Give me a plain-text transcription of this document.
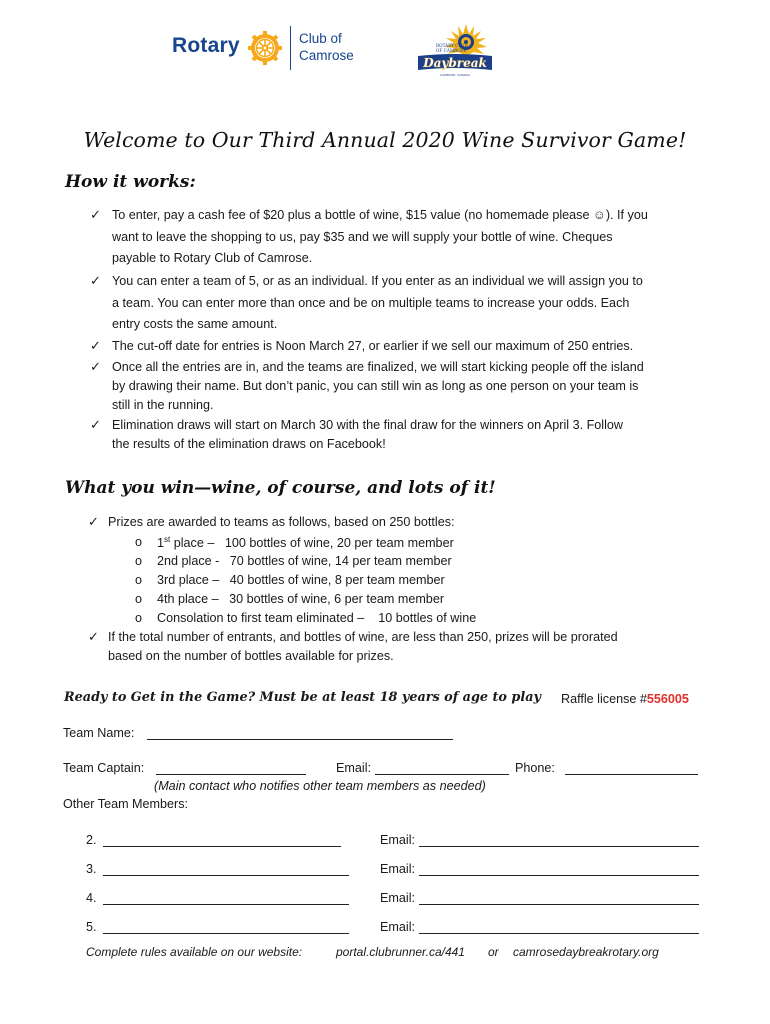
Rotary	Club of
Camrose
ROTARY CLUB
OF CAMROSE
Daybreak
CAMROSE, CANADA
Welcome to Our Third Annual 2020 Wine Survivor Game!
How it works:
✓ To enter, pay a cash fee of $20 plus a bottle of wine, $15 value (no homemade please ☺). If you
want to leave the shopping to us, pay $35 and we will supply your bottle of wine. Cheques
payable to Rotary Club of Camrose.
✓ You can enter a team of 5, or as an individual. If you enter as an individual we will assign you to
a team. You can enter more than once and be on multiple teams to increase your odds. Each
entry costs the same amount.
✓ The cut-off date for entries is Noon March 27, or earlier if we sell our maximum of 250 entries.
✓ Once all the entries are in, and the teams are finalized, we will start kicking people off the island
by drawing their name. But don’t panic, you can still win as long as one person on your team is
still in the running.
✓ Elimination draws will start on March 30 with the final draw for the winners on April 3. Follow
the results of the elimination draws on Facebook!
What you win—wine, of course, and lots of it!
✓ Prizes are awarded to teams as follows, based on 250 bottles:
o 1st place –   100 bottles of wine, 20 per team member
o 2nd place -   70 bottles of wine, 14 per team member
o 3rd place –   40 bottles of wine, 8 per team member
o 4th place –   30 bottles of wine, 6 per team member
o Consolation to first team eliminated –    10 bottles of wine
✓ If the total number of entrants, and bottles of wine, are less than 250, prizes will be prorated
based on the number of bottles available for prizes.
Ready to Get in the Game? Must be at least 18 years of age to play Raffle license #556005
Team Name:
Team Captain:	Email:	Phone:
(Main contact who notifies other team members as needed)
Other Team Members:
2.	Email:
3.	Email:
4.	Email:
5.	Email:
Complete rules available on our website:	portal.clubrunner.ca/441 or camrosedaybreakrotary.org
